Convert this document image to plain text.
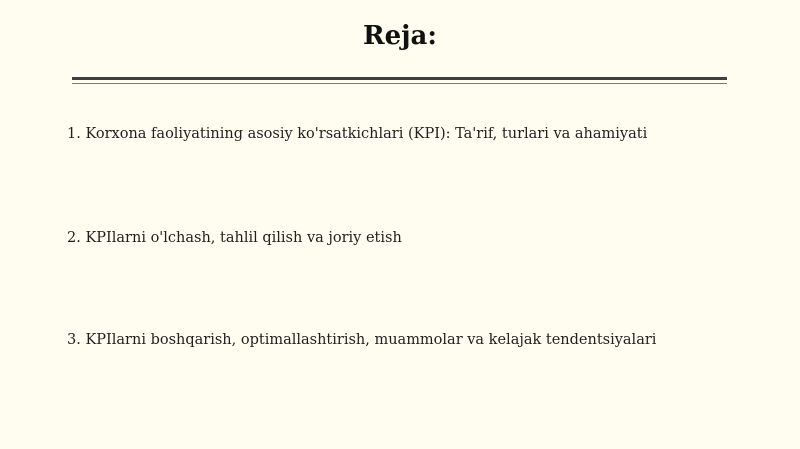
Reja:
1. Korxona faoliyatining asosiy ko'rsatkichlari (KPI): Ta'rif, turlari va ahamiyati
2. KPIlarni o'lchash, tahlil qilish va joriy etish
3. KPIlarni boshqarish, optimallashtirish, muammolar va kelajak tendentsiyalari
